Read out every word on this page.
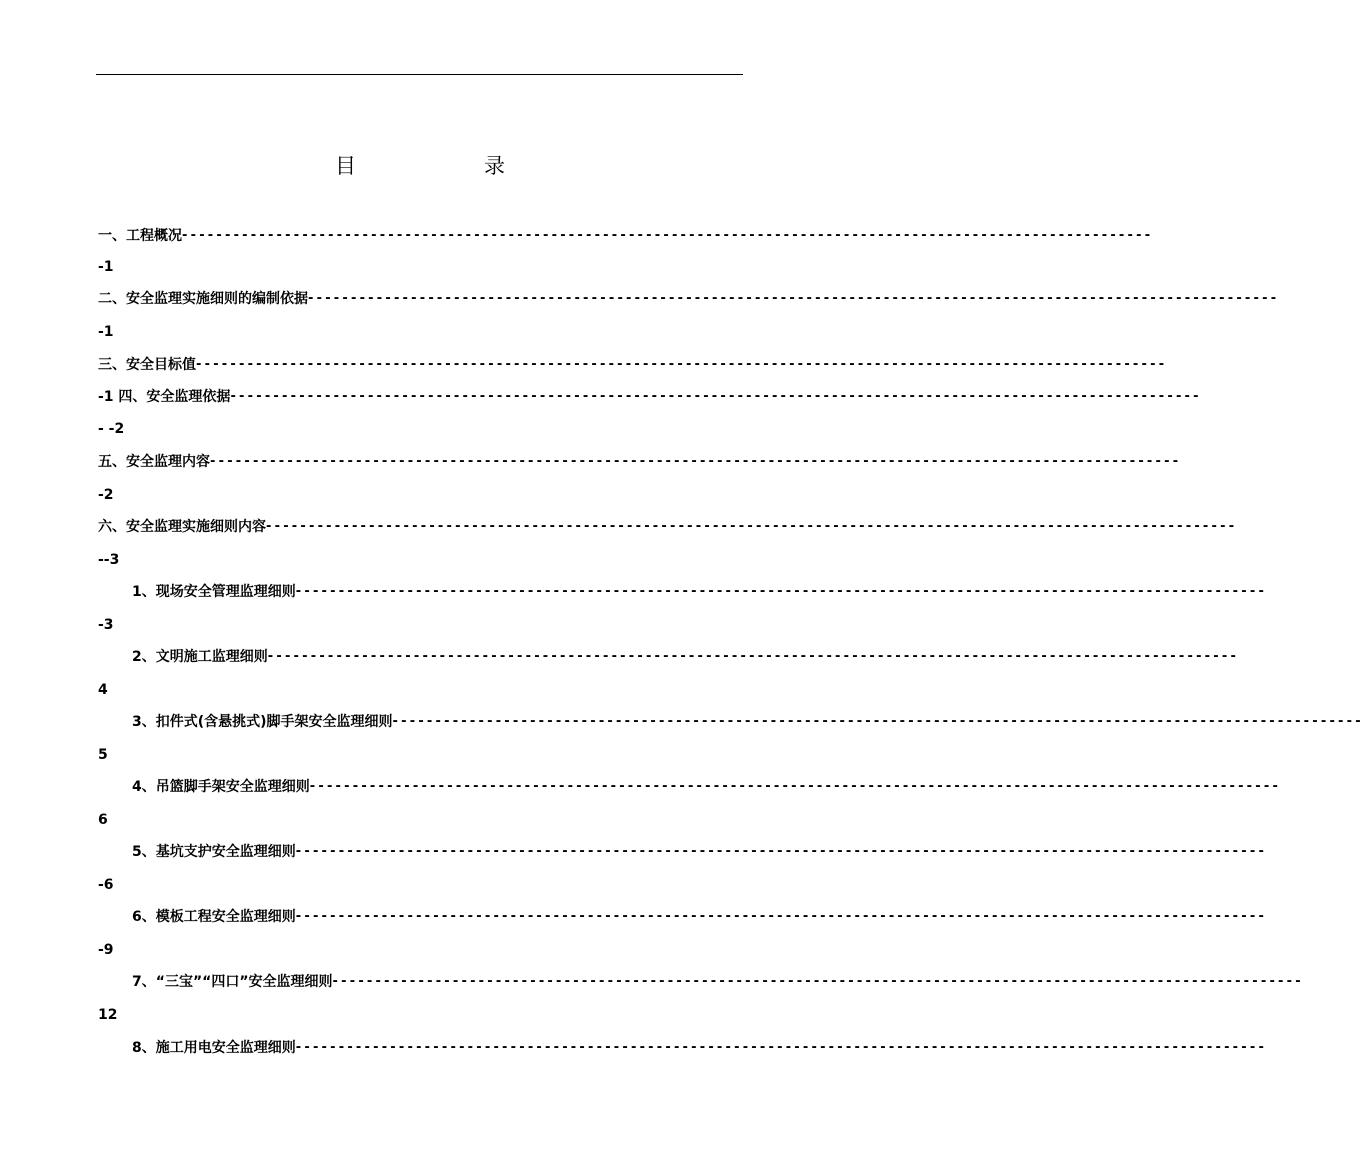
目	录
一、工程概况 -----------------------------------------------------------------------------------------------------------------
-1
二、安全监理实施细则的编制依据 -----------------------------------------------------------------------------------------------------------------
-1
三、安全目标值 -----------------------------------------------------------------------------------------------------------------
-1 四、安全监理依据 -----------------------------------------------------------------------------------------------------------------
- -2
五、安全监理内容 -----------------------------------------------------------------------------------------------------------------
-2
六、安全监理实施细则内容 -----------------------------------------------------------------------------------------------------------------
--3
1、现场安全管理监理细则 -----------------------------------------------------------------------------------------------------------------
-3
2、文明施工监理细则 -----------------------------------------------------------------------------------------------------------------
4
3、扣件式(含悬挑式)脚手架安全监理细则 -----------------------------------------------------------------------------------------------------------------
5
4、吊篮脚手架安全监理细则 -----------------------------------------------------------------------------------------------------------------
6
5、基坑支护安全监理细则 -----------------------------------------------------------------------------------------------------------------
-6
6、模板工程安全监理细则 -----------------------------------------------------------------------------------------------------------------
-9
7、“三宝”“四口”安全监理细则 -----------------------------------------------------------------------------------------------------------------
12
8、施工用电安全监理细则 -----------------------------------------------------------------------------------------------------------------
